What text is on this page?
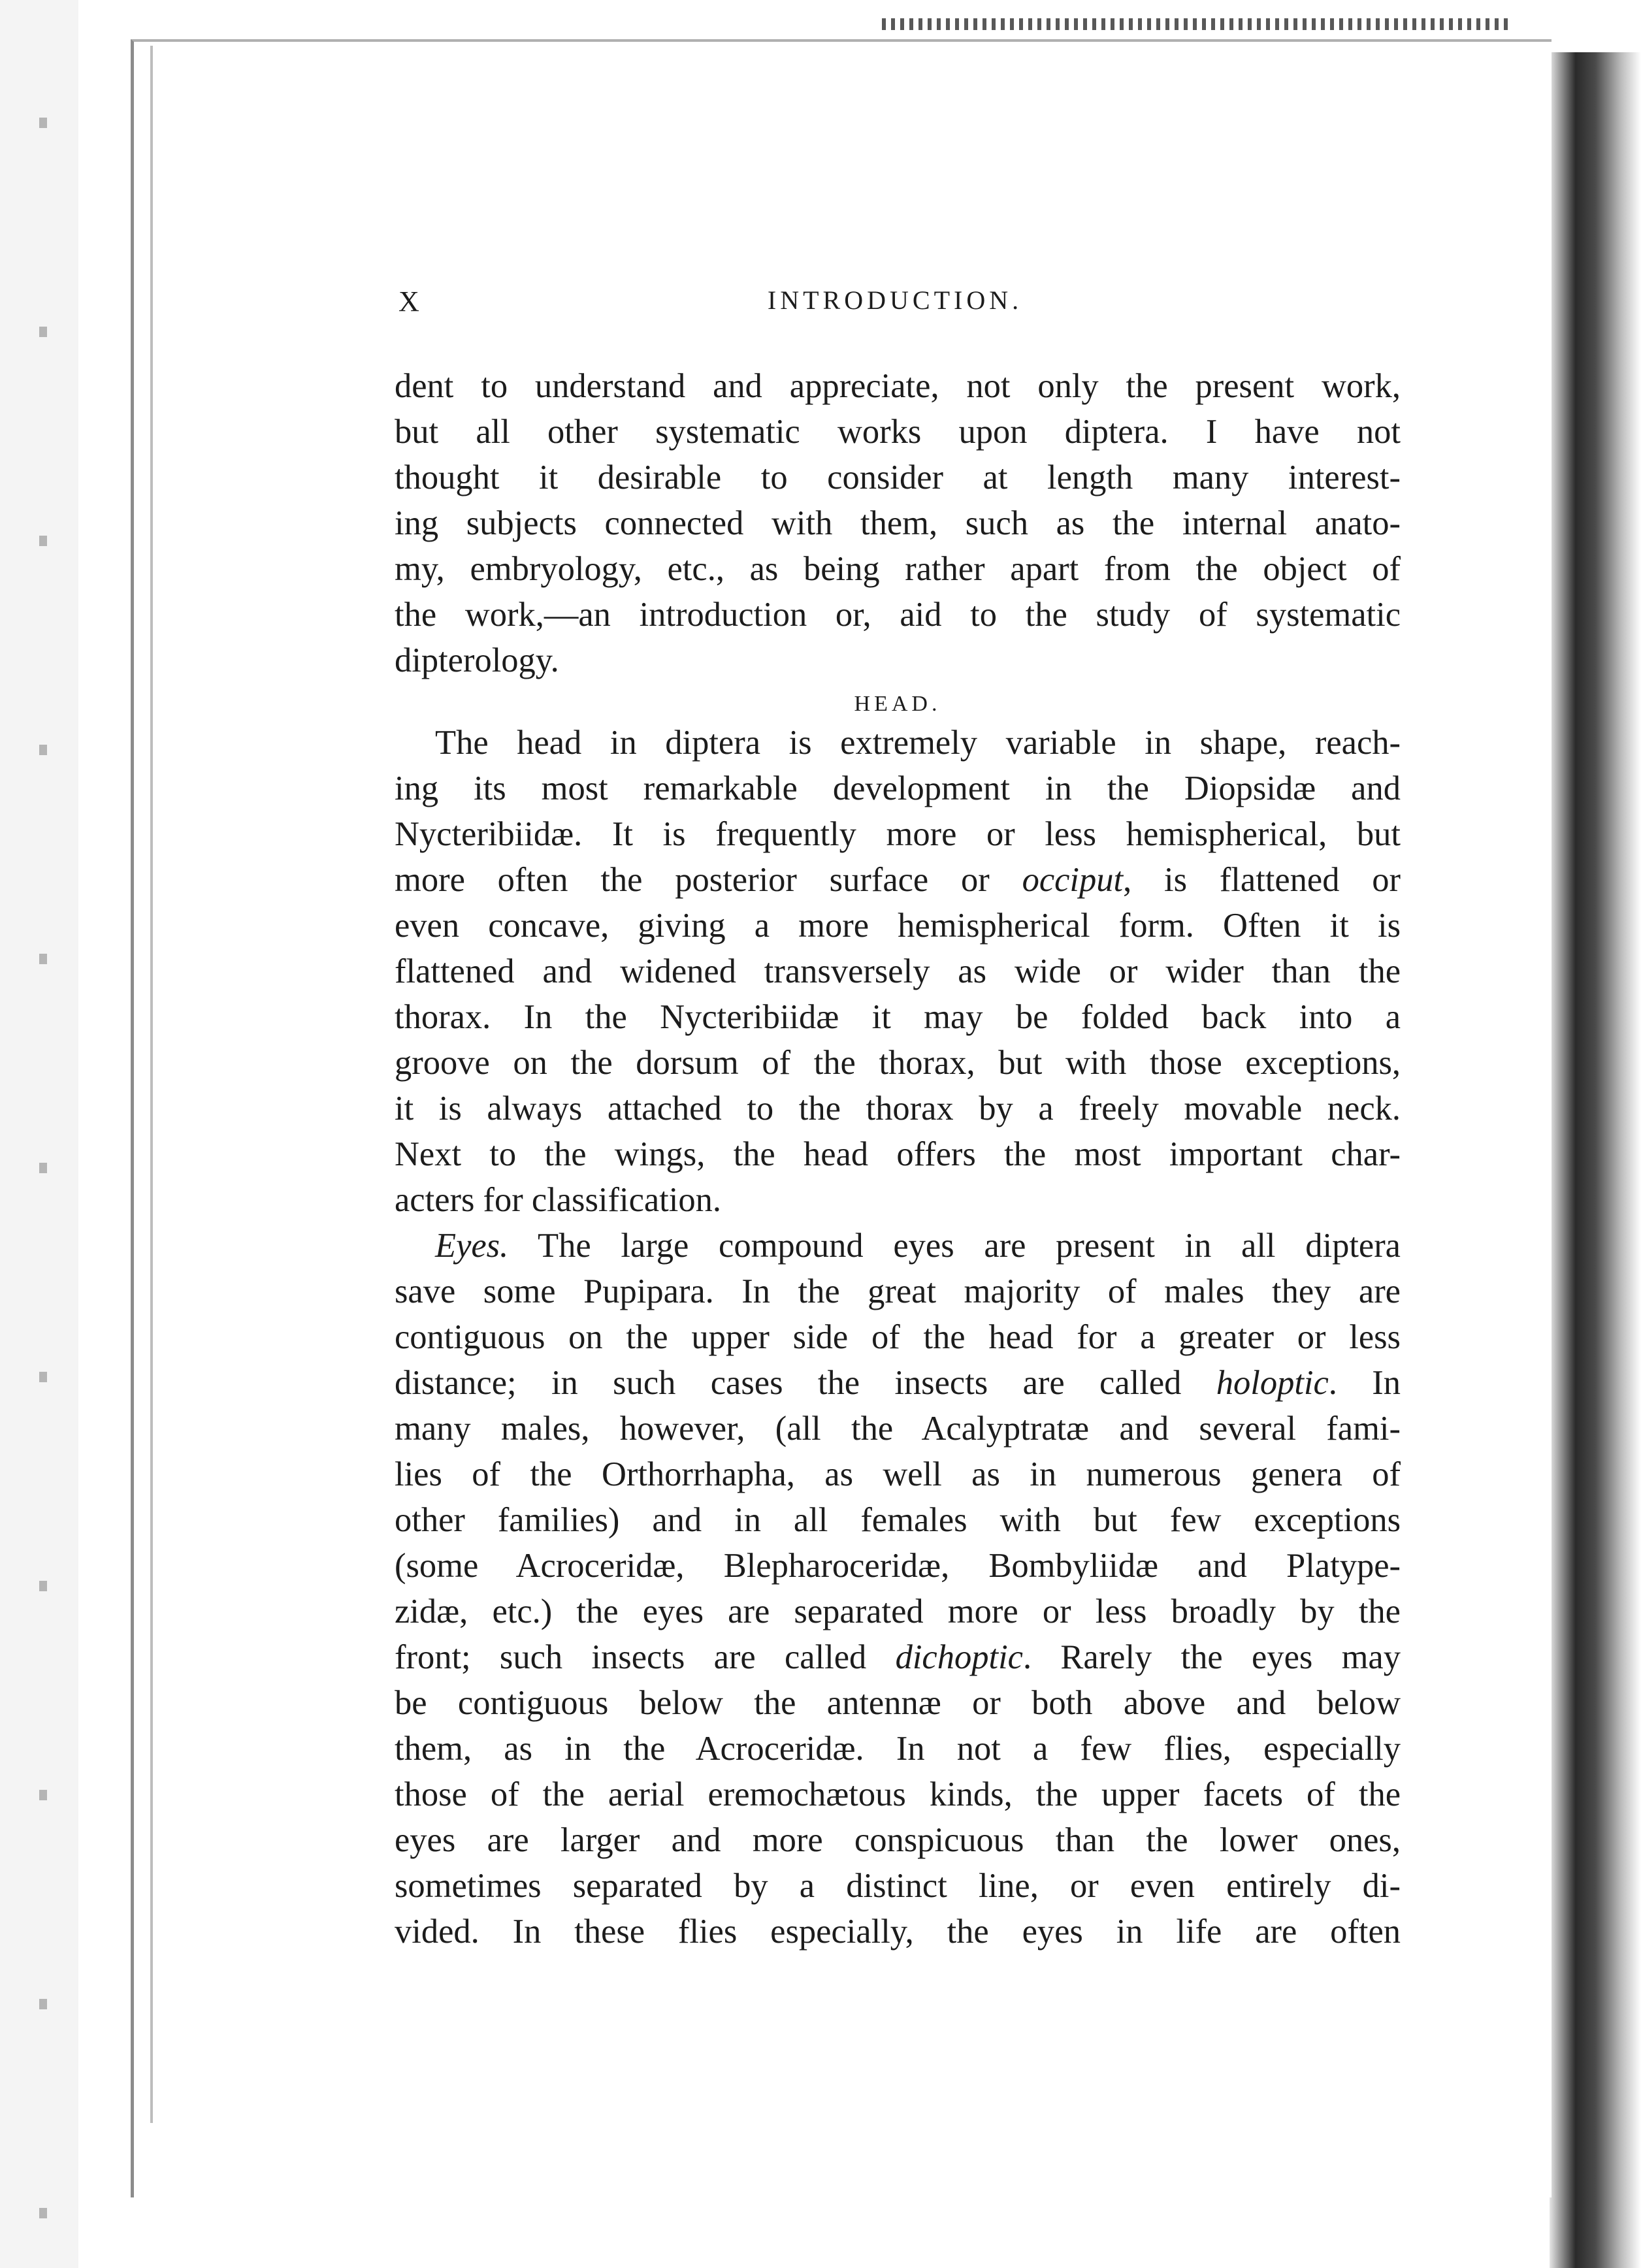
X	INTRODUCTION.
dent to understand and appreciate, not only the present work,
but all other systematic works upon diptera. I have not
thought it desirable to consider at length many interest-
ing subjects connected with them, such as the internal anato-
my, embryology, etc., as being rather apart from the object of
the work,—an introduction or, aid to the study of systematic
dipterology.
HEAD.
The head in diptera is extremely variable in shape, reach-
ing its most remarkable development in the Diopsidæ and
Nycteribiidæ. It is frequently more or less hemispherical, but
more often the posterior surface or occiput, is flattened or
even concave, giving a more hemispherical form. Often it is
flattened and widened transversely as wide or wider than the
thorax. In the Nycteribiidæ it may be folded back into a
groove on the dorsum of the thorax, but with those exceptions,
it is always attached to the thorax by a freely movable neck.
Next to the wings, the head offers the most important char-
acters for classification.
Eyes. The large compound eyes are present in all diptera
save some Pupipara. In the great majority of males they are
contiguous on the upper side of the head for a greater or less
distance; in such cases the insects are called holoptic. In
many males, however, (all the Acalyptratæ and several fami-
lies of the Orthorrhapha, as well as in numerous genera of
other families) and in all females with but few exceptions
(some Acroceridæ, Blepharoceridæ, Bombyliidæ and Platype-
zidæ, etc.) the eyes are separated more or less broadly by the
front; such insects are called dichoptic. Rarely the eyes may
be contiguous below the antennæ or both above and below
them, as in the Acroceridæ. In not a few flies, especially
those of the aerial eremochætous kinds, the upper facets of the
eyes are larger and more conspicuous than the lower ones,
sometimes separated by a distinct line, or even entirely di-
vided. In these flies especially, the eyes in life are often
